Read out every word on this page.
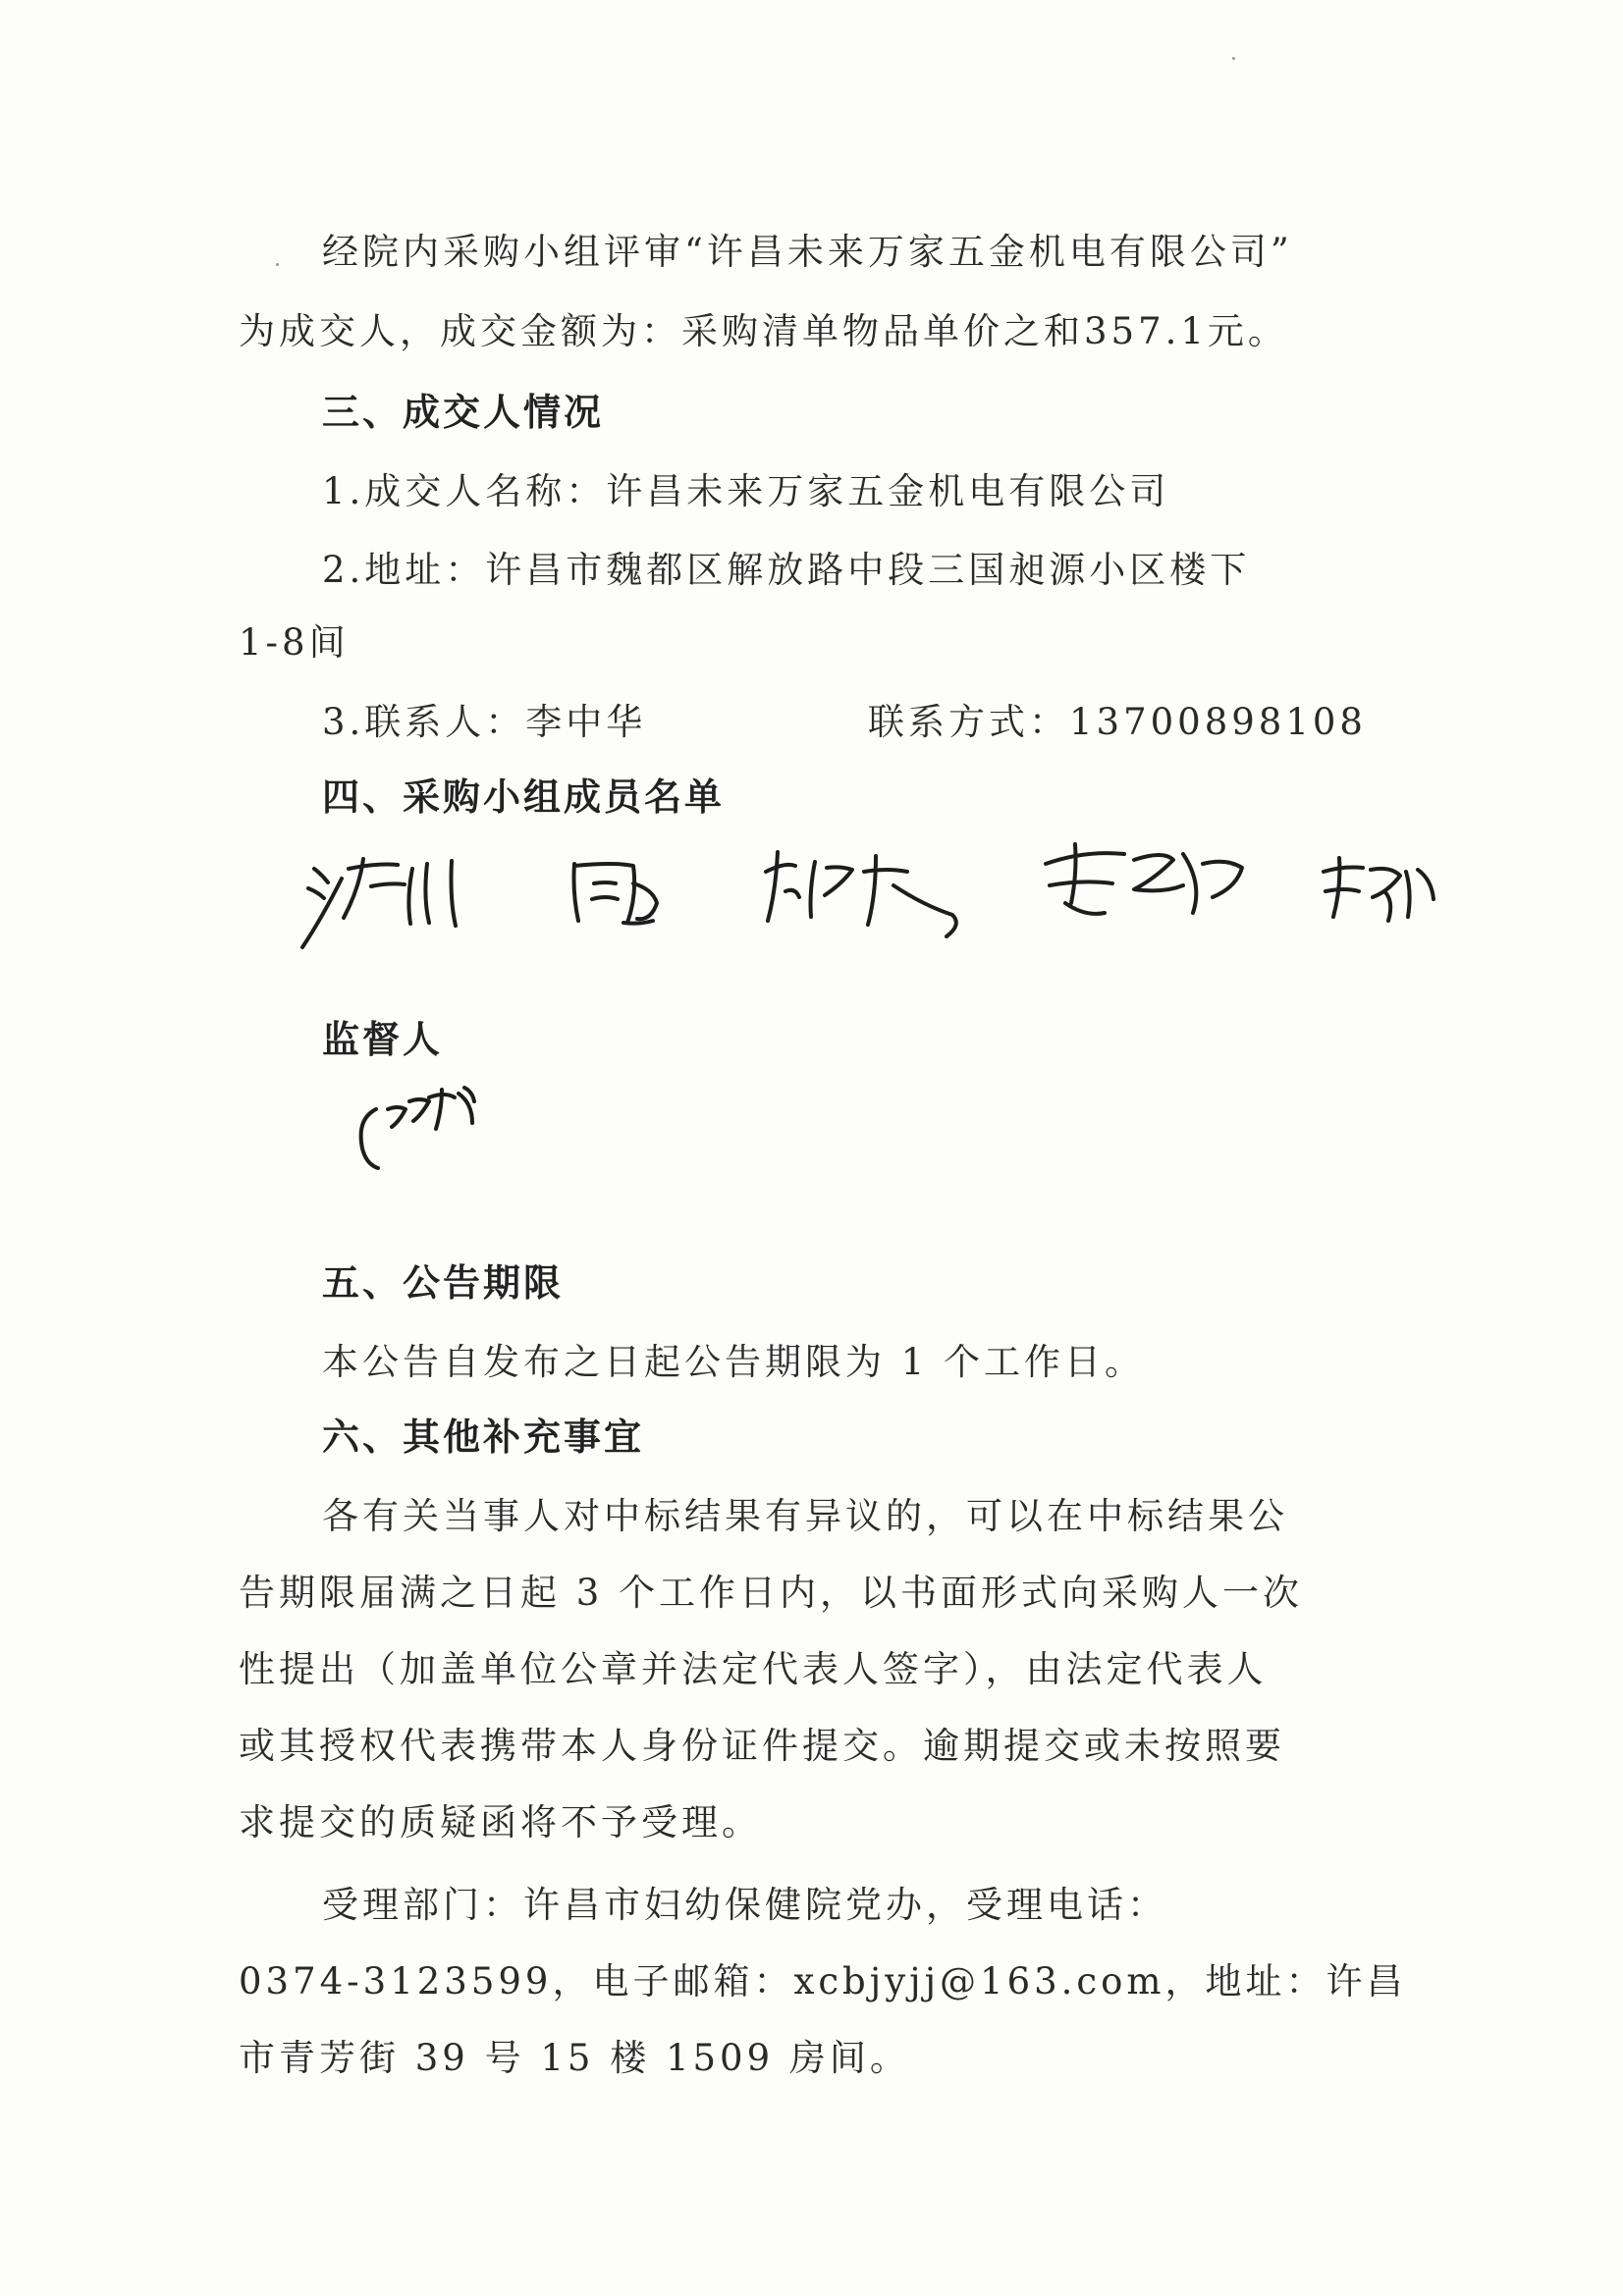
经院内采购小组评审“许昌未来万家五金机电有限公司”
为成交人，成交金额为：采购清单物品单价之和357.1元。
三、成交人情况
1.成交人名称：许昌未来万家五金机电有限公司
2.地址：许昌市魏都区解放路中段三国昶源小区楼下
1-8间
3.联系人：李中华	联系方式：13700898108
四、采购小组成员名单
监督人
五、公告期限
本公告自发布之日起公告期限为 1 个工作日。
六、其他补充事宜
各有关当事人对中标结果有异议的，可以在中标结果公
告期限届满之日起 3 个工作日内，以书面形式向采购人一次
性提出（加盖单位公章并法定代表人签字），由法定代表人
或其授权代表携带本人身份证件提交。逾期提交或未按照要
求提交的质疑函将不予受理。
受理部门：许昌市妇幼保健院党办，受理电话：
0374-3123599，电子邮箱：xcbjyjj@163.com，地址：许昌
市青芳街 39 号 15 楼 1509 房间。
